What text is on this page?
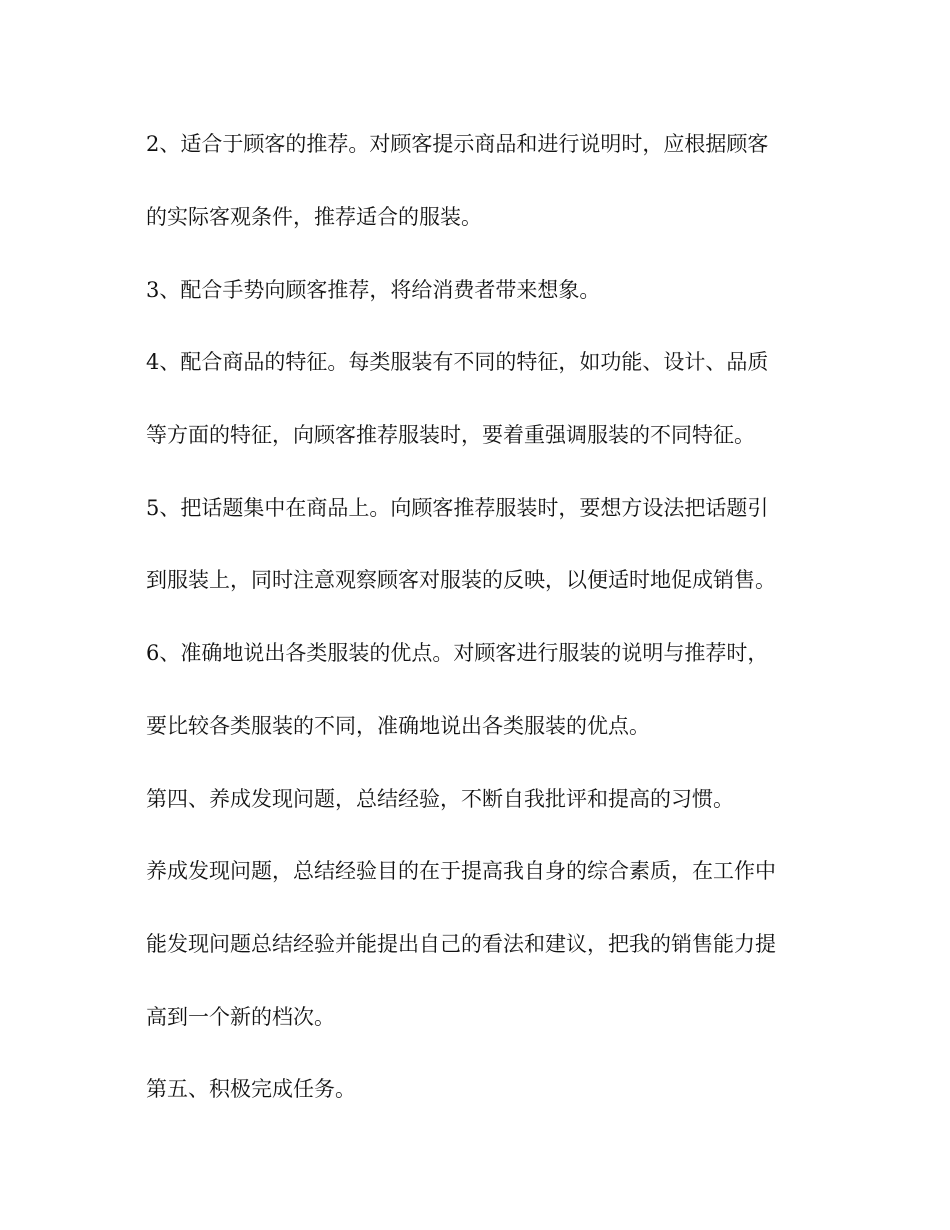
2、适合于顾客的推荐。对顾客提示商品和进行说明时，应根据顾客
的实际客观条件，推荐适合的服装。
3、配合手势向顾客推荐，将给消费者带来想象。
4、配合商品的特征。每类服装有不同的特征，如功能、设计、品质
等方面的特征，向顾客推荐服装时，要着重强调服装的不同特征。
5、把话题集中在商品上。向顾客推荐服装时，要想方设法把话题引
到服装上，同时注意观察顾客对服装的反映，以便适时地促成销售。
6、准确地说出各类服装的优点。对顾客进行服装的说明与推荐时，
要比较各类服装的不同，准确地说出各类服装的优点。
第四、养成发现问题，总结经验，不断自我批评和提高的习惯。
养成发现问题，总结经验目的在于提高我自身的综合素质，在工作中
能发现问题总结经验并能提出自己的看法和建议，把我的销售能力提
高到一个新的档次。
第五、积极完成任务。
